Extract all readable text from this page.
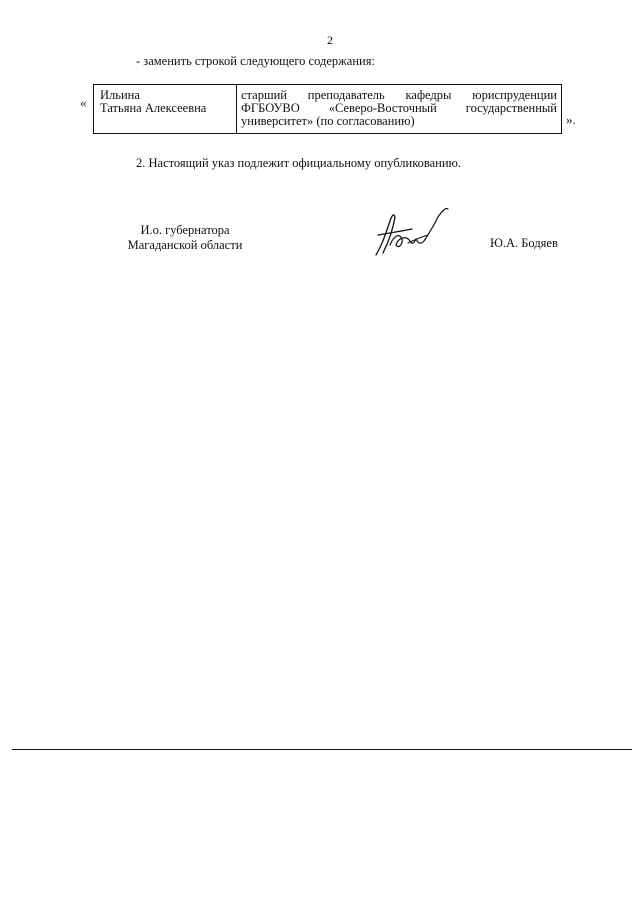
2
- заменить строкой следующего содержания:
« Ильина
Татьяна Алексеевна
	старший преподаватель кафедры юриспруденции ФГБОУВО «Северо-Восточный государственный университет» (по согласованию)	».
2. Настоящий указ подлежит официальному опубликованию.
И.о. губернатора
Магаданской области	Ю.А. Бодяев
